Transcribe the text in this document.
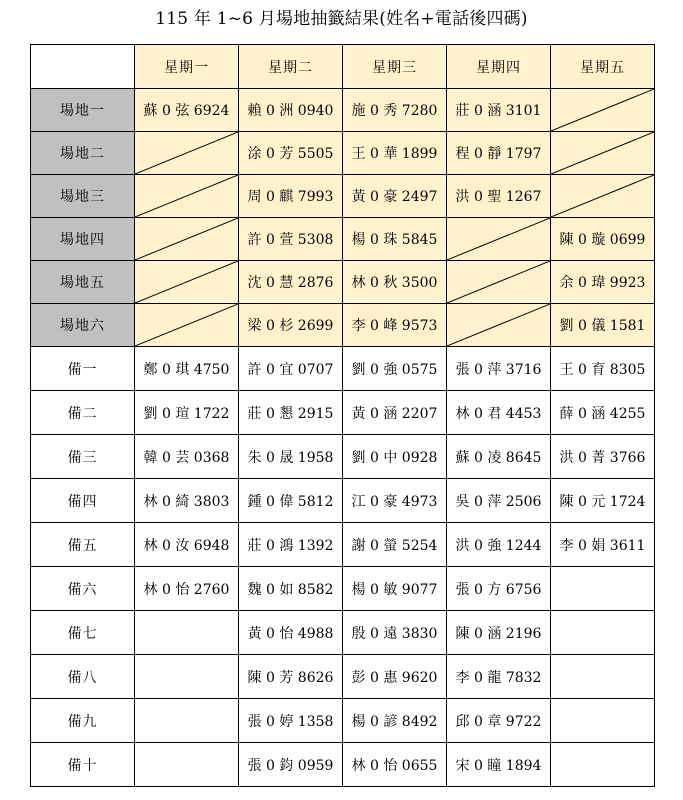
115 年 1~6 月場地抽籤結果(姓名+電話後四碼)
	星期一	星期二	星期三	星期四	星期五
場地一	蘇 0 弦 6924	賴 0 洲 0940	施 0 秀 7280	莊 0 涵 3101	

場地二		涂 0 芳 5505	王 0 華 1899	程 0 靜 1797	

場地三		周 0 麒 7993	黃 0 豪 2497	洪 0 聖 1267	

場地四		許 0 萱 5308	楊 0 珠 5845		陳 0 璇 0699
場地五		沈 0 慧 2876	林 0 秋 3500		余 0 瑋 9923
場地六		梁 0 杉 2699	李 0 峰 9573		劉 0 儀 1581
備一	鄭 0 琪 4750	許 0 宜 0707	劉 0 強 0575	張 0 萍 3716	王 0 育 8305
備二	劉 0 瑄 1722	莊 0 懇 2915	黃 0 涵 2207	林 0 君 4453	薛 0 涵 4255
備三	韓 0 芸 0368	朱 0 晟 1958	劉 0 中 0928	蘇 0 凌 8645	洪 0 菁 3766
備四	林 0 綺 3803	鍾 0 偉 5812	江 0 豪 4973	吳 0 萍 2506	陳 0 元 1724
備五	林 0 汝 6948	莊 0 鴻 1392	謝 0 螢 5254	洪 0 強 1244	李 0 娟 3611
備六	林 0 怡 2760	魏 0 如 8582	楊 0 敏 9077	張 0 方 6756	
備七		黃 0 怡 4988	殷 0 遠 3830	陳 0 涵 2196	
備八		陳 0 芳 8626	彭 0 惠 9620	李 0 龍 7832	
備九		張 0 婷 1358	楊 0 諺 8492	邱 0 章 9722	
備十		張 0 鈞 0959	林 0 怡 0655	宋 0 瞳 1894	
